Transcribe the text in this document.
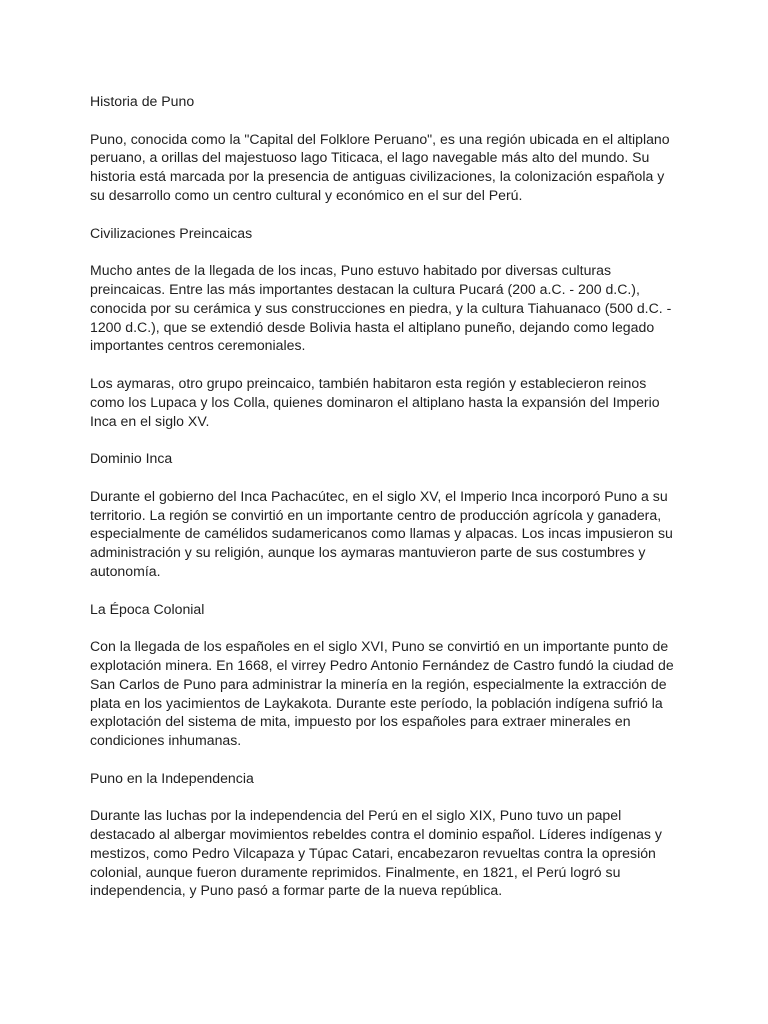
Historia de Puno

Puno, conocida como la "Capital del Folklore Peruano", es una región ubicada en el altiplano peruano, a orillas del majestuoso lago Titicaca, el lago navegable más alto del mundo. Su historia está marcada por la presencia de antiguas civilizaciones, la colonización española y su desarrollo como un centro cultural y económico en el sur del Perú.

Civilizaciones Preincaicas

Mucho antes de la llegada de los incas, Puno estuvo habitado por diversas culturas preincaicas. Entre las más importantes destacan la cultura Pucará (200 a.C. - 200 d.C.), conocida por su cerámica y sus construcciones en piedra, y la cultura Tiahuanaco (500 d.C. - 1200 d.C.), que se extendió desde Bolivia hasta el altiplano puneño, dejando como legado importantes centros ceremoniales.

Los aymaras, otro grupo preincaico, también habitaron esta región y establecieron reinos como los Lupaca y los Colla, quienes dominaron el altiplano hasta la expansión del Imperio Inca en el siglo XV.

Dominio Inca

Durante el gobierno del Inca Pachacútec, en el siglo XV, el Imperio Inca incorporó Puno a su territorio. La región se convirtió en un importante centro de producción agrícola y ganadera, especialmente de camélidos sudamericanos como llamas y alpacas. Los incas impusieron su administración y su religión, aunque los aymaras mantuvieron parte de sus costumbres y autonomía.

La Época Colonial

Con la llegada de los españoles en el siglo XVI, Puno se convirtió en un importante punto de explotación minera. En 1668, el virrey Pedro Antonio Fernández de Castro fundó la ciudad de San Carlos de Puno para administrar la minería en la región, especialmente la extracción de plata en los yacimientos de Laykakota. Durante este período, la población indígena sufrió la explotación del sistema de mita, impuesto por los españoles para extraer minerales en condiciones inhumanas.

Puno en la Independencia

Durante las luchas por la independencia del Perú en el siglo XIX, Puno tuvo un papel destacado al albergar movimientos rebeldes contra el dominio español. Líderes indígenas y mestizos, como Pedro Vilcapaza y Túpac Catari, encabezaron revueltas contra la opresión colonial, aunque fueron duramente reprimidos. Finalmente, en 1821, el Perú logró su independencia, y Puno pasó a formar parte de la nueva república.
